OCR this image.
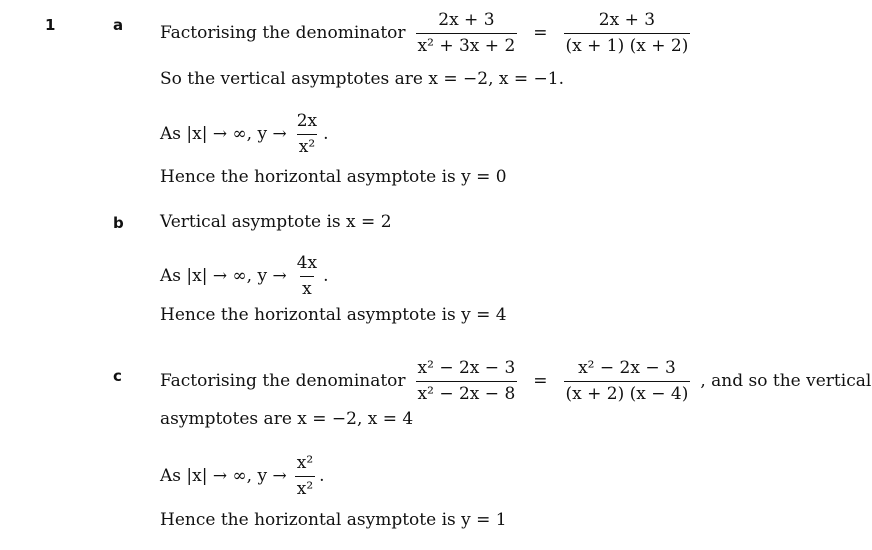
1	a Factorising the denominator $\frac{2x + 3}{\text{x² + 3x + 2}} = \frac{2x + 3}{(x + 1) (x + 2)}$
So the vertical asymptotes are x = −2, x = −1.
As |x| → ∞, $y \to \frac{2x}{\text{x²}}$ .
Hence the horizontal asymptote is y = 0
b Vertical asymptote is x = 2
As |x| → ∞, $y \to \frac{4x}{x}$ .
Hence the horizontal asymptote is y = 4
c Factorising the denominator $\frac{\text{x² − 2x − 3}}{\text{x² − 2x − 8}} = \frac{\text{x² − 2x − 3}}{(x + 2) (x - 4)}$ , and so the vertical
asymptotes are x = −2, x = 4
As |x| → ∞, $y \to \frac{\text{x²}}{\text{x²}}$ .
Hence the horizontal asymptote is y = 1
